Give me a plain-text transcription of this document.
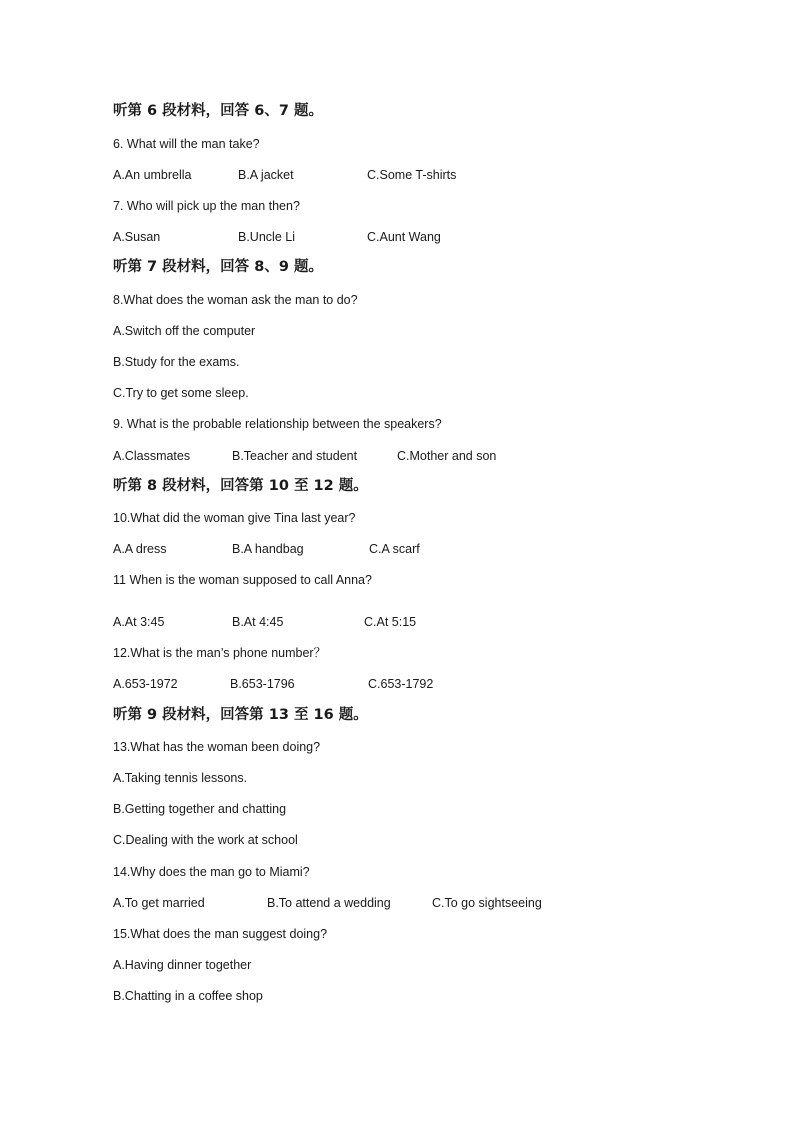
听第 6 段材料，回答 6、7 题。
6. What will the man take?
A.An umbrella	B.A jacket	C.Some T-shirts
7. Who will pick up the man then?
A.Susan	B.Uncle Li	C.Aunt Wang
听第 7 段材料，回答 8、9 题。
8.What does the woman ask the man to do?
A.Switch off the computer
B.Study for the exams.
C.Try to get some sleep.
9. What is the probable relationship between the speakers?
A.Classmates	B.Teacher and student	C.Mother and son
听第 8 段材料，回答第 10 至 12 题。
10.What did the woman give Tina last year?
A.A dress	B.A handbag	C.A scarf
11 When is the woman supposed to call Anna?
A.At 3:45	B.At 4:45	C.At 5:15
12.What is the man’s phone number？
A.653-1972	B.653-1796	C.653-1792
听第 9 段材料，回答第 13 至 16 题。
13.What has the woman been doing?
A.Taking tennis lessons.
B.Getting together and chatting
C.Dealing with the work at school
14.Why does the man go to Miami?
A.To get married	B.To attend a wedding	C.To go sightseeing
15.What does the man suggest doing?
A.Having dinner together
B.Chatting in a coffee shop
